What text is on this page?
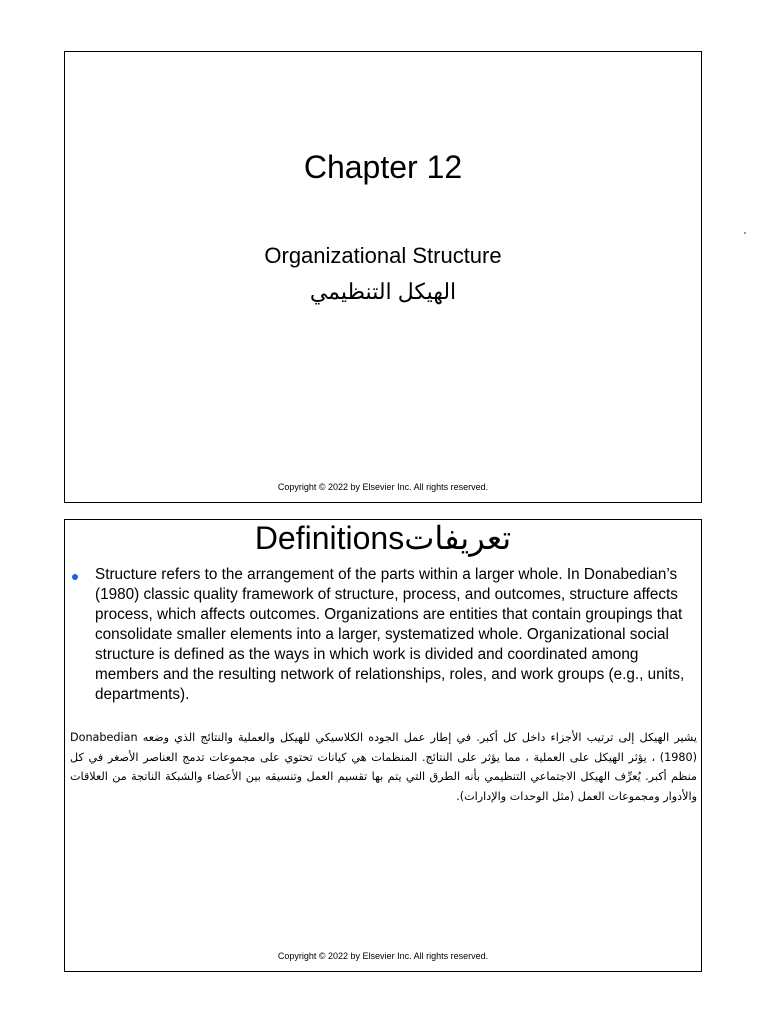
Chapter 12
Organizational Structure
الهيكل التنظيمي
Copyright © 2022 by Elsevier Inc. All rights reserved.
Definitionsتعريفات
Structure refers to the arrangement of the parts within a larger whole. In Donabedian’s (1980) classic quality framework of structure, process, and outcomes, structure affects process, which affects outcomes. Organizations are entities that contain groupings that consolidate smaller elements into a larger, systematized whole. Organizational social structure is defined as the ways in which work is divided and coordinated among members and the resulting network of relationships, roles, and work groups (e.g., units, departments).
يشير الهيكل إلى ترتيب الأجزاء داخل كل أكبر. في إطار عمل الجوده الكلاسيكي للهيكل والعملية والنتائج الذي وضعه Donabedian (1980) ، يؤثر الهيكل على العملية ، مما يؤثر على النتائج. المنظمات هي كيانات تحتوي على مجموعات تدمج العناصر الأصغر في كل منظم أكبر. يُعرِّف الهيكل الاجتماعي التنظيمي بأنه الطرق التي يتم بها تقسيم العمل وتنسيقه بين الأعضاء والشبكة الناتجة من العلاقات والأدوار ومجموعات العمل (مثل الوحدات والإدارات).
Copyright © 2022 by Elsevier Inc. All rights reserved.
